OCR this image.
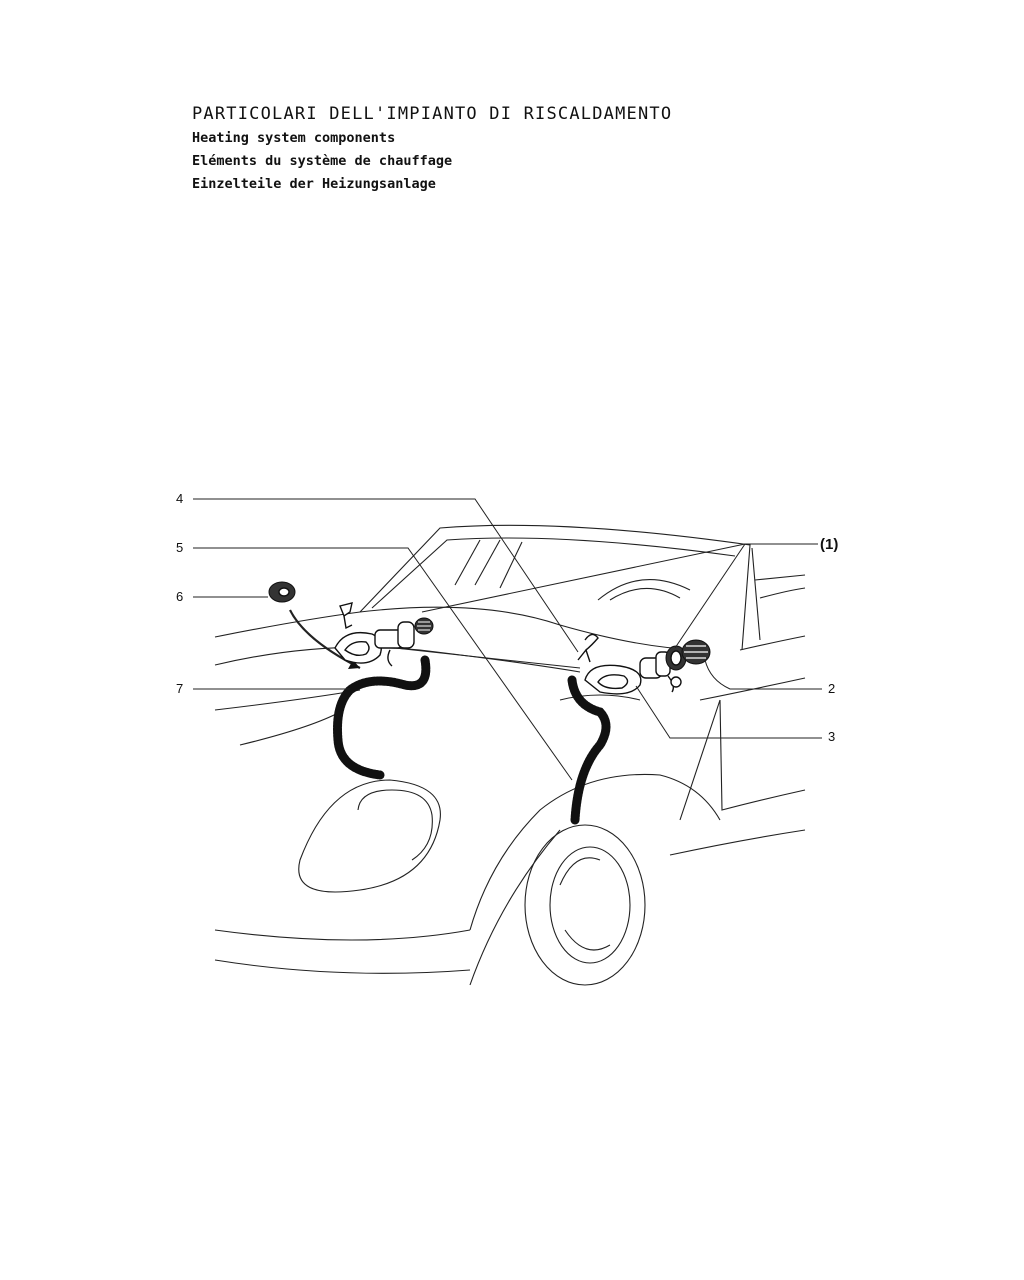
PARTICOLARI DELL'IMPIANTO DI RISCALDAMENTO
Heating system components
Eléments du système de chauffage
Einzelteile der Heizungsanlage
4
5
6
7
(1)
2
3
